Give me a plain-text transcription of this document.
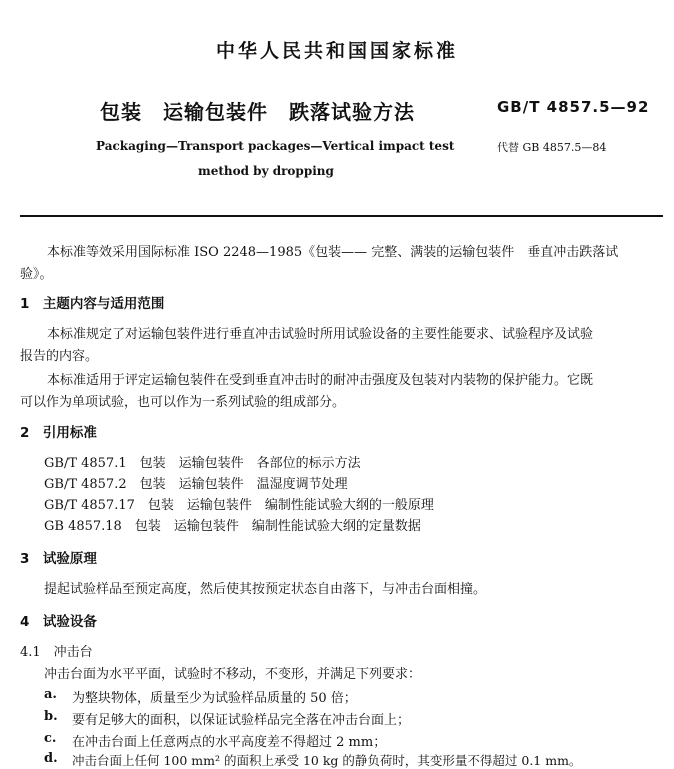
中华人民共和国国家标准
包装　运输包装件　跌落试验方法	GB/T 4857.5—92
Packaging—Transport packages—Vertical impact test
method by dropping
代替 GB 4857.5—84
本标准等效采用国际标准 ISO 2248—1985《包装—— 完整、满装的运输包装件　垂直冲击跌落试
验》。
1　主题内容与适用范围
本标准规定了对运输包装件进行垂直冲击试验时所用试验设备的主要性能要求、试验程序及试验
报告的内容。
本标准适用于评定运输包装件在受到垂直冲击时的耐冲击强度及包装对内装物的保护能力。它既
可以作为单项试验，也可以作为一系列试验的组成部分。
2　引用标准
GB/T 4857.1　包装　运输包装件　各部位的标示方法
GB/T 4857.2　包装　运输包装件　温湿度调节处理
GB/T 4857.17　包装　运输包装件　编制性能试验大纲的一般原理
GB 4857.18　包装　运输包装件　编制性能试验大纲的定量数据
3　试验原理
提起试验样品至预定高度，然后使其按预定状态自由落下，与冲击台面相撞。
4　试验设备
4.1　冲击台
冲击台面为水平平面，试验时不移动，不变形，并满足下列要求：
a. 为整块物体，质量至少为试验样品质量的 50 倍；
b. 要有足够大的面积，以保证试验样品完全落在冲击台面上；
c. 在冲击台面上任意两点的水平高度差不得超过 2 mm；
d. 冲击台面上任何 100 mm² 的面积上承受 10 kg 的静负荷时，其变形量不得超过 0.1 mm。
